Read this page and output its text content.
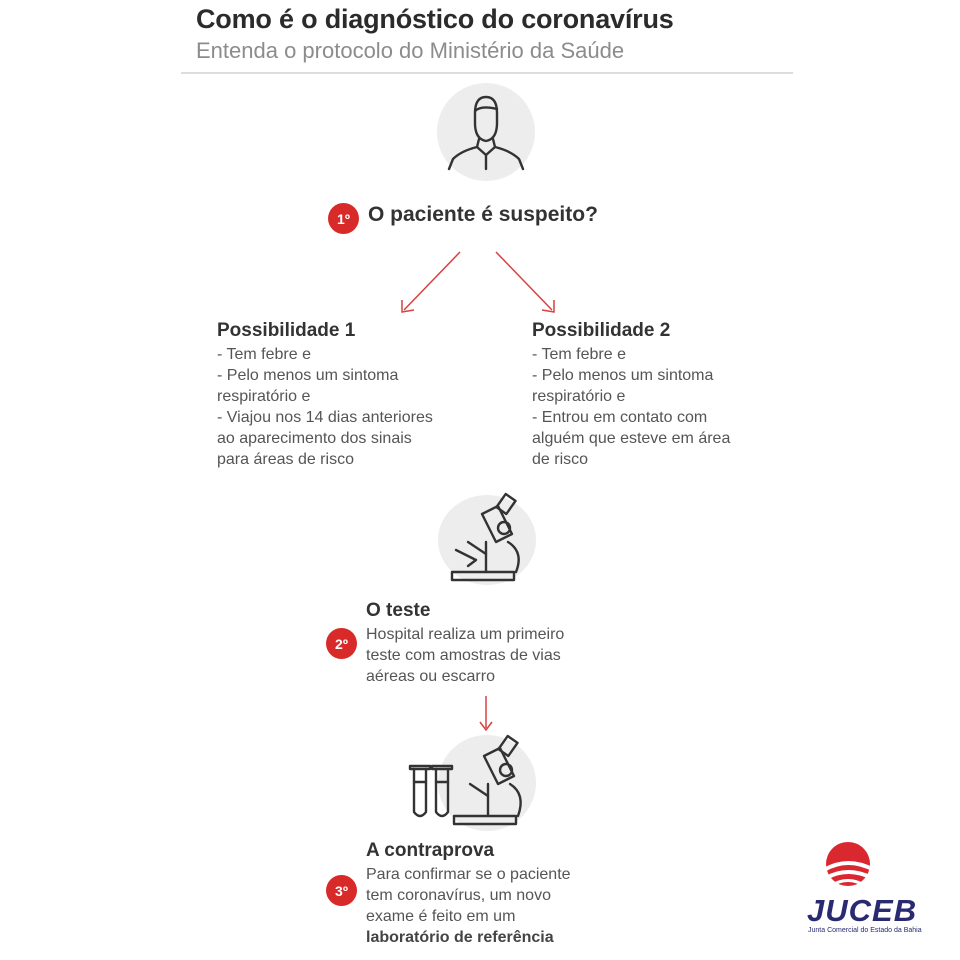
Como é o diagnóstico do coronavírus
Entenda o protocolo do Ministério da Saúde
1º O paciente é suspeito?
Possibilidade 1
- Tem febre e
- Pelo menos um sintoma
respiratório e
- Viajou nos 14 dias anteriores
ao aparecimento dos sinais
para áreas de risco
Possibilidade 2
- Tem febre e
- Pelo menos um sintoma
respiratório e
- Entrou em contato com
alguém que esteve em área
de risco
O teste
2º
Hospital realiza um primeiro
teste com amostras de vias
aéreas ou escarro
A contraprova
3º
Para confirmar se o paciente
tem coronavírus, um novo
exame é feito em um
laboratório de referência
JUCEB
Junta Comercial do Estado da Bahia
